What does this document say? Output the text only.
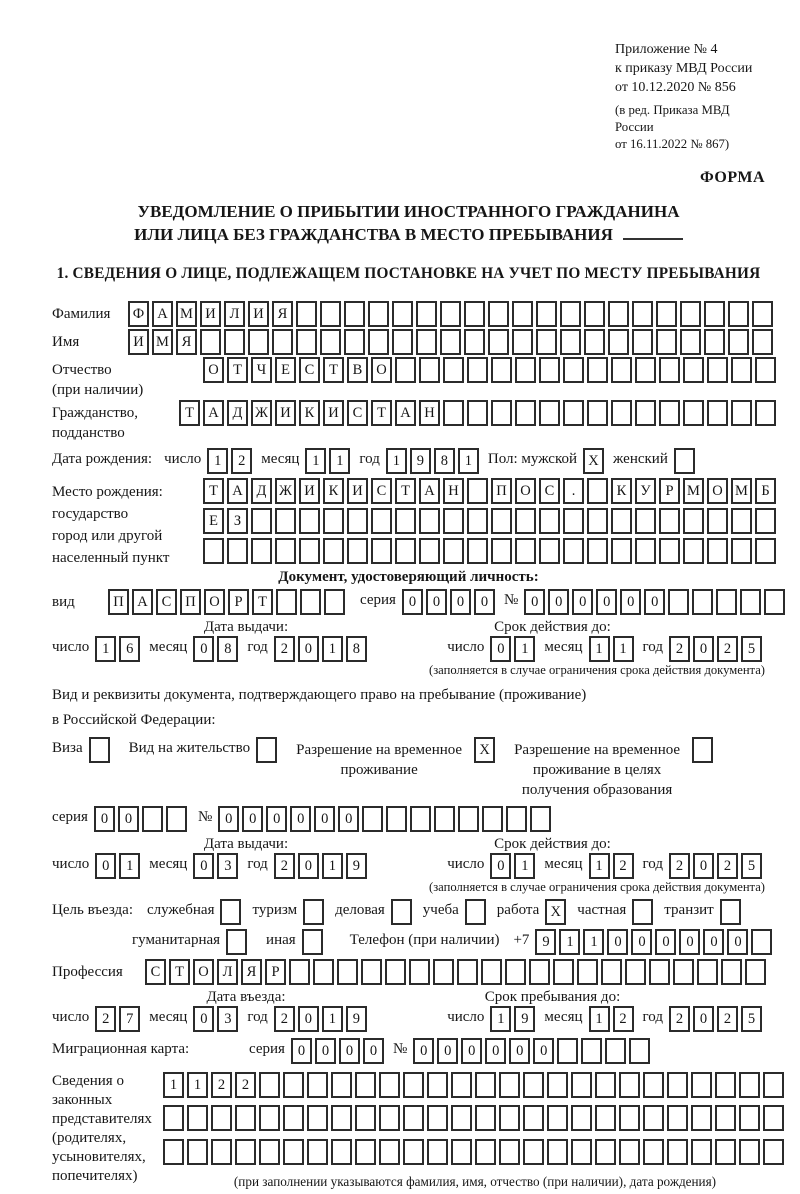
Приложение № 4
к приказу МВД России
от 10.12.2020 № 856
(в ред. Приказа МВД России
от 16.11.2022 № 867)
ФОРМА
УВЕДОМЛЕНИЕ О ПРИБЫТИИ ИНОСТРАННОГО ГРАЖДАНИНА
ИЛИ ЛИЦА БЕЗ ГРАЖДАНСТВА В МЕСТО ПРЕБЫВАНИЯ
1. СВЕДЕНИЯ О ЛИЦЕ, ПОДЛЕЖАЩЕМ ПОСТАНОВКЕ НА УЧЕТ ПО МЕСТУ ПРЕБЫВАНИЯ
Фамилия	Ф А М И Л И Я
Имя	И М Я
Отчество
(при наличии)
О Т	Ч	Е	С	Т	В О
Гражданство,
подданство
Т А Д Ж И К И С	Т А Н
Дата рождения: число 1	2	месяц 1	1	год 1	9	8	1	Пол: мужской X женский
Место рождения:
государство
город или другой
населенный пункт
Т А Д Ж И К И С	Т А Н	П О С	.	К У	Р М О М Б

Е	З

Документ, удостоверяющий личность:
вид	П А С П О	Р	Т	серия 0	0	0	0	№ 0	0	0	0	0	0
Дата выдачи:	Срок действия до:
число 1	6	месяц 0	8	год 2	0	1	8	число 0	1	месяц 1	1	год 2	0	2	5
(заполняется в случае ограничения срока действия документа)
Вид и реквизиты документа, подтверждающего право на пребывание (проживание)
в Российской Федерации:
Виза	Вид на жительство	Разрешение на временное
проживание
X	Разрешение на временное
проживание в целях
получения образования
серия 0	0	№ 0	0	0	0	0	0
Дата выдачи:	Срок действия до:
число 0	1	месяц 0	3	год 2	0	1	9	число 0	1	месяц 1	2	год 2	0	2	5
(заполняется в случае ограничения срока действия документа)
Цель въезда: служебная	туризм	деловая	учеба	работа X	частная	транзит
гуманитарная	иная	Телефон (при наличии) +7 9	1	1	0	0	0	0	0	0
Профессия	С	Т О Л Я	Р
Дата въезда:	Срок пребывания до:
число 2	7	месяц 0	3	год 2	0	1	9	число 1	9	месяц 1	2	год 2	0	2	5
Миграционная карта:	серия 0	0	0	0	№ 0	0	0	0	0	0
Сведения о
законных
представителях
(родителях,
усыновителях,
попечителях)
1	1	2	2

(при заполнении указываются фамилия, имя, отчество (при наличии), дата рождения)
